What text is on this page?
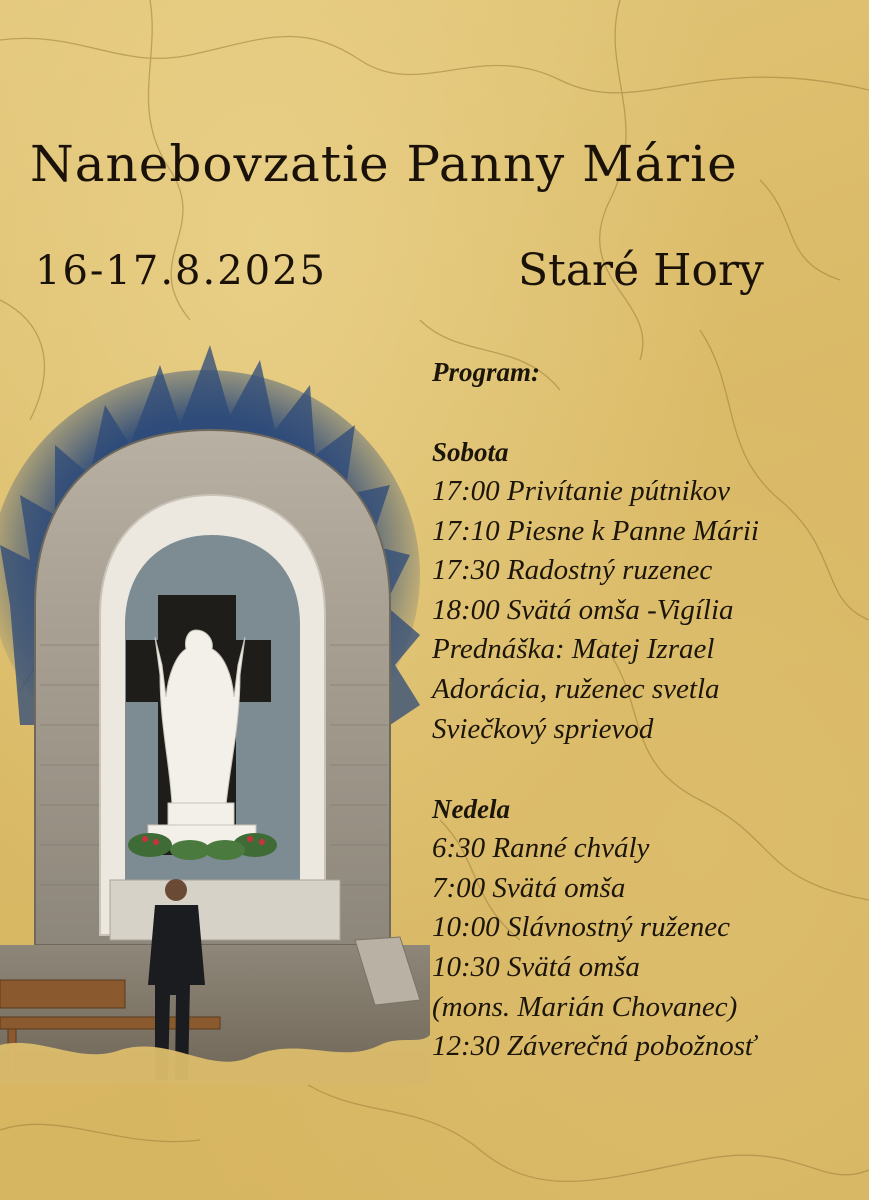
Nanebovzatie Panny Márie
16-17.8.2025	Staré Hory
Program:
Sobota
17:00 Privítanie pútnikov
17:10 Piesne k Panne Márii
17:30 Radostný ruzenec
18:00 Svätá omša -Vigília
Prednáška: Matej Izrael
Adorácia, ruženec svetla
Sviečkový sprievod
Nedela
6:30 Ranné chvály
7:00 Svätá omša
10:00 Slávnostný ruženec
10:30 Svätá omša
(mons. Marián Chovanec)
12:30 Záverečná pobožnosť
